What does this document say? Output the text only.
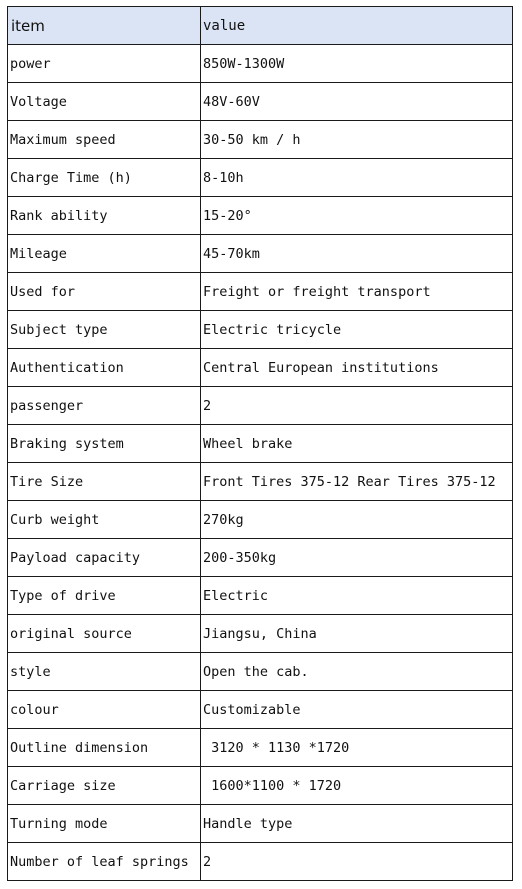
item	value
power	850W-1300W
Voltage	48V-60V
Maximum speed	30-50 km / h
Charge Time (h)	8-10h
Rank ability	15-20°
Mileage	45-70km
Used for	Freight or freight transport
Subject type	Electric tricycle
Authentication	Central European institutions
passenger	2
Braking system	Wheel brake
Tire Size	Front Tires 375-12 Rear Tires 375-12
Curb weight	270kg
Payload capacity	200-350kg
Type of drive	Electric
original source	Jiangsu, China
style	Open the cab.
colour	Customizable
Outline dimension	3120 * 1130 *1720
Carriage size	1600*1100 * 1720
Turning mode	Handle type
Number of leaf springs	2
